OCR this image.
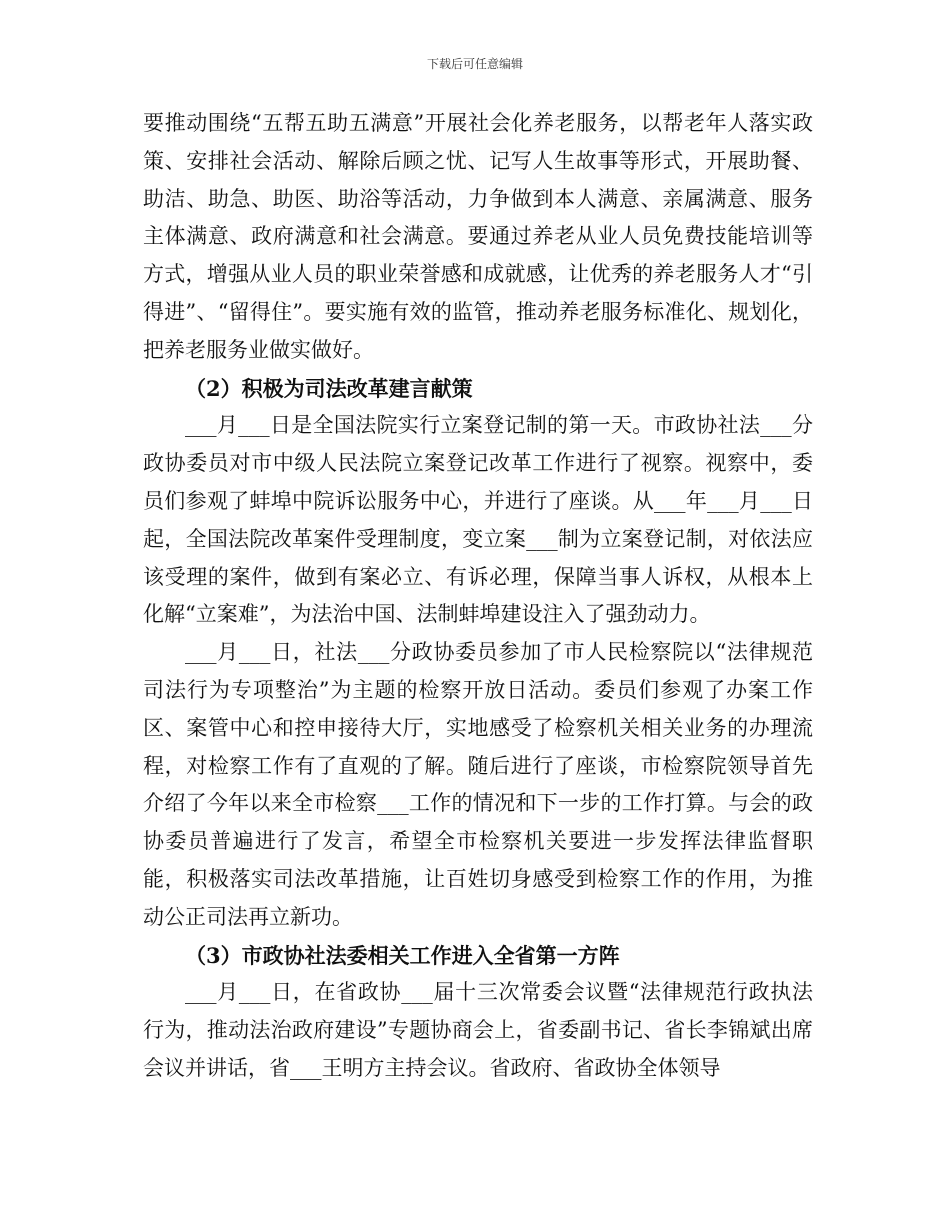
下载后可任意编辑

要推动围绕“五帮五助五满意”开展社会化养老服务，以帮老年人落实政策、安排社会活动、解除后顾之忧、记写人生故事等形式，开展助餐、助洁、助急、助医、助浴等活动，力争做到本人满意、亲属满意、服务主体满意、政府满意和社会满意。要通过养老从业人员免费技能培训等方式，增强从业人员的职业荣誉感和成就感，让优秀的养老服务人才“引得进”、“留得住”。要实施有效的监管，推动养老服务标准化、规划化，把养老服务业做实做好。

（2）积极为司法改革建言献策

___月___日是全国法院实行立案登记制的第一天。市政协社法___分政协委员对市中级人民法院立案登记改革工作进行了视察。视察中，委员们参观了蚌埠中院诉讼服务中心，并进行了座谈。从___年___月___日起，全国法院改革案件受理制度，变立案___制为立案登记制，对依法应该受理的案件，做到有案必立、有诉必理，保障当事人诉权，从根本上化解“立案难”，为法治中国、法制蚌埠建设注入了强劲动力。

___月___日，社法___分政协委员参加了市人民检察院以“法律规范司法行为专项整治”为主题的检察开放日活动。委员们参观了办案工作区、案管中心和控申接待大厅，实地感受了检察机关相关业务的办理流程，对检察工作有了直观的了解。随后进行了座谈，市检察院领导首先介绍了今年以来全市检察___工作的情况和下一步的工作打算。与会的政协委员普遍进行了发言，希望全市检察机关要进一步发挥法律监督职能，积极落实司法改革措施，让百姓切身感受到检察工作的作用，为推动公正司法再立新功。

（3）市政协社法委相关工作进入全省第一方阵

___月___日，在省政协___届十三次常委会议暨“法律规范行政执法行为，推动法治政府建设”专题协商会上，省委副书记、省长李锦斌出席会议并讲话，省___王明方主持会议。省政府、省政协全体领导
